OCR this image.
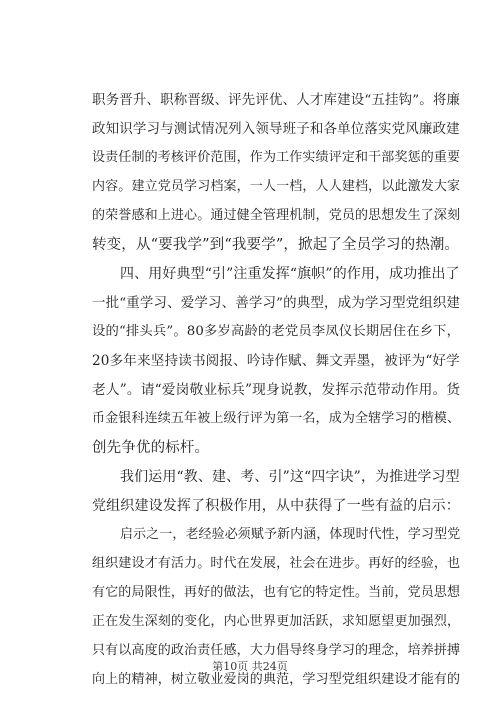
职务晋升、职称晋级、评先评优、人才库建设“五挂钩”。将廉
政知识学习与测试情况列入领导班子和各单位落实党风廉政建
设责任制的考核评价范围，作为工作实绩评定和干部奖惩的重要
内容。建立党员学习档案，一人一档，人人建档，以此激发大家
的荣誉感和上进心。通过健全管理机制，党员的思想发生了深刻
转变，从“要我学”到“我要学”，掀起了全员学习的热潮。
四、用好典型“引”注重发挥“旗帜”的作用，成功推出了
一批“重学习、爱学习、善学习”的典型，成为学习型党组织建
设的“排头兵”。80多岁高龄的老党员李凤仪长期居住在乡下，
20多年来坚持读书阅报、吟诗作赋、舞文弄墨，被评为“好学
老人”。请“爱岗敬业标兵”现身说教，发挥示范带动作用。货
币金银科连续五年被上级行评为第一名，成为全辖学习的楷模、
创先争优的标杆。
我们运用“教、建、考、引”这“四字诀”，为推进学习型
党组织建设发挥了积极作用，从中获得了一些有益的启示：
启示之一，老经验必须赋予新内涵，体现时代性，学习型党
组织建设才有活力。时代在发展，社会在进步。再好的经验，也
有它的局限性，再好的做法，也有它的特定性。当前，党员思想
正在发生深刻的变化，内心世界更加活跃，求知愿望更加强烈，
只有以高度的政治责任感，大力倡导终身学习的理念，培养拼搏
向上的精神，树立敬业爱岗的典范，学习型党组织建设才能有的
第10页 共24页
